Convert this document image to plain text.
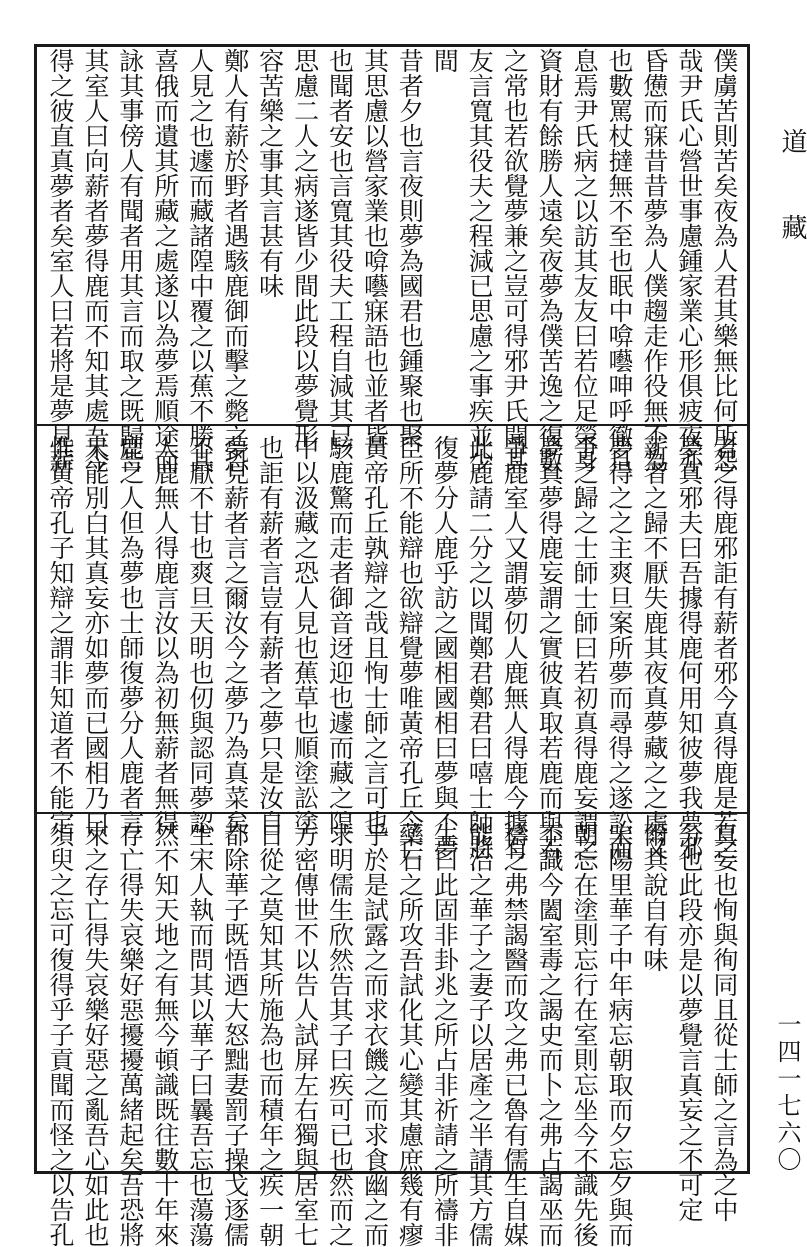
僕虜苦則苦矣夜為人君其樂無比何所怨
哉尹氏心營世事慮鍾家業心形俱疲夜亦
昏憊而寐昔昔夢為人僕趨走作役無不為
也數罵杖撻無不至也眠中啽囈呻呼徹旦
息焉尹氏病之以訪其友友曰若位足榮身
資財有餘勝人遠矣夜夢為僕苦逸之復數
之常也若欲覺夢兼之豈可得邪尹氏聞其
友言寬其役夫之程減已思慮之事疾並少
間
昔者夕也言夜則夢為國君也鍾聚也聚
其思慮以營家業也啽囈寐語也並者皆
也聞者安也言寬其役夫工程自減其已
思慮二人之病遂皆少間此段以夢覺形
容苦樂之事其言甚有味
鄭人有薪於野者遇駭鹿御而擊之斃之恐
人見之也遽而藏諸隍中覆之以蕉不勝其
喜俄而遺其所藏之處遂以為夢焉順途而
詠其事傍人有聞者用其言而取之既歸告
其室人曰向薪者夢得鹿而不知其處吾今
得之彼直真夢者矣室人曰若將是夢見薪
者之得鹿邪詎有薪者邪今真得鹿是若之
夢真邪夫曰吾據得鹿何用知彼夢我夢邪
薪者之歸不厭失鹿其夜真夢藏之之處又
夢得之之主爽旦案所夢而尋得之遂訟而
爭之歸之士師士師曰若初真得鹿妄謂之
夢真夢得鹿妄謂之實彼真取若鹿而與若
爭鹿室人又謂夢仞人鹿無人得鹿今據有
此鹿請二分之以聞鄭君鄭君曰嘻士師將
復夢分人鹿乎訪之國相國相曰夢與不夢
臣所不能辯也欲辯覺夢唯黃帝孔丘今亡
黃帝孔丘孰辯之哉且恂士師之言可也
駭鹿驚而走者御音迓迎也遽而藏之隍
中以汲藏之恐人見也蕉草也順塗訟塗
也詎有薪者言豈有薪者之夢只是汝自
夢見薪者言之爾汝今之夢乃為真菜矣
不厭不甘也爽旦天明也仞與認同夢認
人鹿無人得鹿言汝以為初無薪者無得
鹿之人但為夢也士師復夢分人鹿者言
未能別白其真妄亦如夢而已國相乃曰
惟黃帝孔子知辯之謂非知道者不能定
真妄也恂與徇同且從士師之言為之中
分也此段亦是以夢覺言真妄之不可定
爾其說自有味
宋陽里華子中年病忘朝取而夕忘夕與而
朝忘在塗則忘行在室則忘坐今不識先後
不識今闔室毒之謁史而卜之弗占謁巫而
禱之弗禁謁醫而攻之弗已魯有儒生自媒
能治之華子之妻子以居產之半請其方儒
生曰此固非卦兆之所占非祈請之所禱非
藥石之所攻吾試化其心變其慮庶幾有瘳
乎於是試露之而求衣饑之而求食幽之而
求明儒生欣然告其子曰疾可已也然而之
方密傳世不以告人試屏左右獨與居室七
日從之莫知其所施為也而積年之疾一朝
都除華子既悟迺大怒黜妻罰子操戈逐儒
生宋人執而問其以華子曰曩吾忘也蕩蕩
然不知天地之有無今頓識既往數十年來
存亡得失哀樂好惡擾擾萬緒起矣吾恐將
來之存亡得失哀樂好惡之亂吾心如此也
須臾之忘可復得乎子貢聞而怪之以告孔
道藏
一四一七六〇
